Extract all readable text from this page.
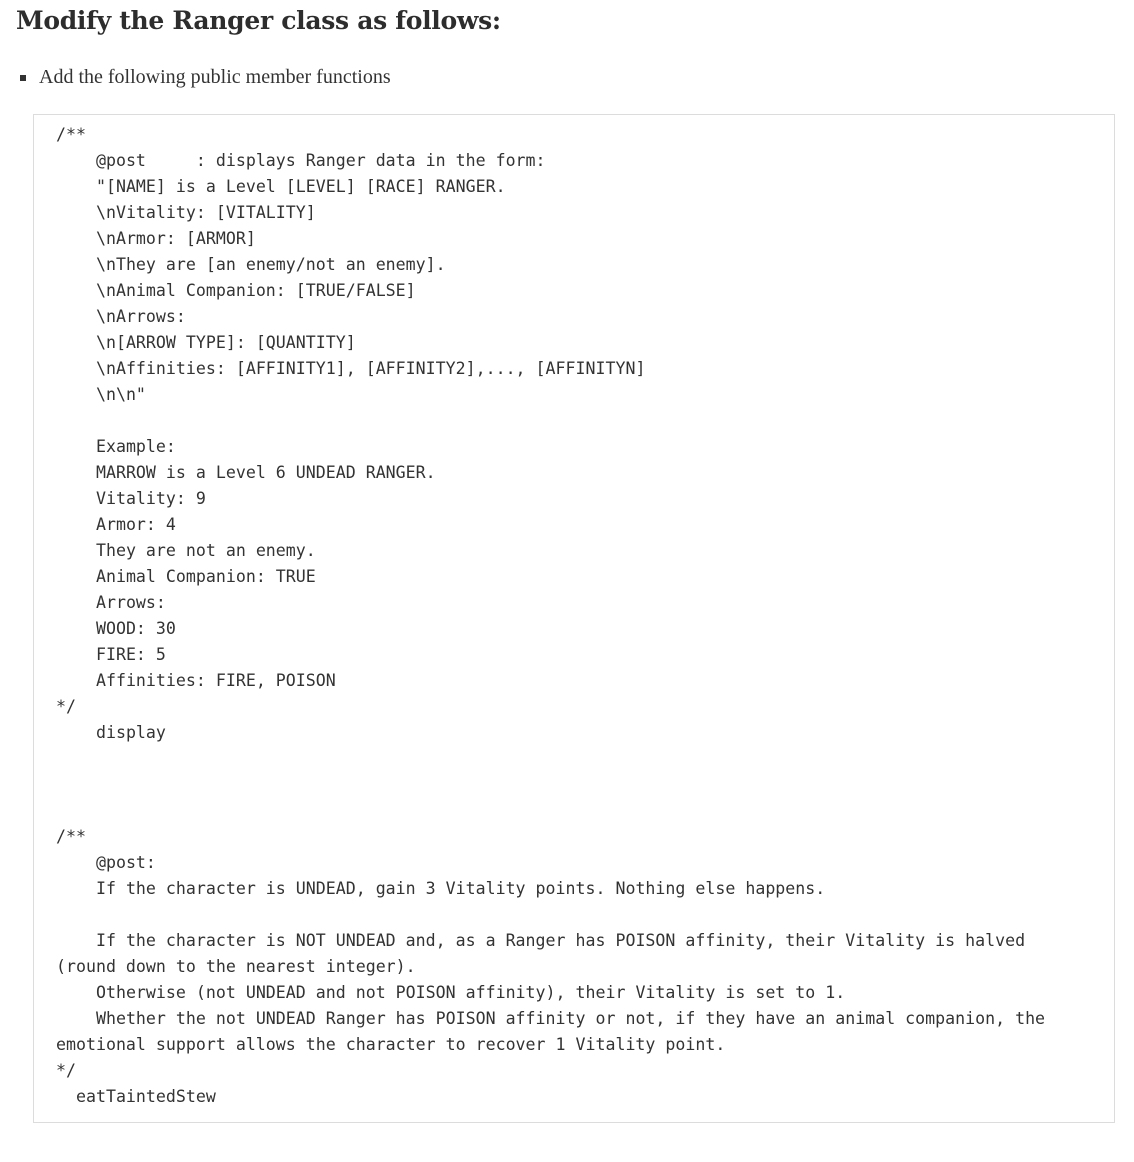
Modify the Ranger class as follows:
Add the following public member functions
/**
@post     : displays Ranger data in the form:
"[NAME] is a Level [LEVEL] [RACE] RANGER.
\nVitality: [VITALITY]
\nArmor: [ARMOR]
\nThey are [an enemy/not an enemy].
\nAnimal Companion: [TRUE/FALSE]
\nArrows:
\n[ARROW TYPE]: [QUANTITY]
\nAffinities: [AFFINITY1], [AFFINITY2],..., [AFFINITYN]
\n\n"
Example:
MARROW is a Level 6 UNDEAD RANGER.
Vitality: 9
Armor: 4
They are not an enemy.
Animal Companion: TRUE
Arrows:
WOOD: 30
FIRE: 5
Affinities: FIRE, POISON
*/
display
/**
@post:
If the character is UNDEAD, gain 3 Vitality points. Nothing else happens.
If the character is NOT UNDEAD and, as a Ranger has POISON affinity, their Vitality is halved (round down to the nearest integer).
Otherwise (not UNDEAD and not POISON affinity), their Vitality is set to 1.
Whether the not UNDEAD Ranger has POISON affinity or not, if they have an animal companion, the emotional support allows the character to recover 1 Vitality point.
*/
eatTaintedStew
